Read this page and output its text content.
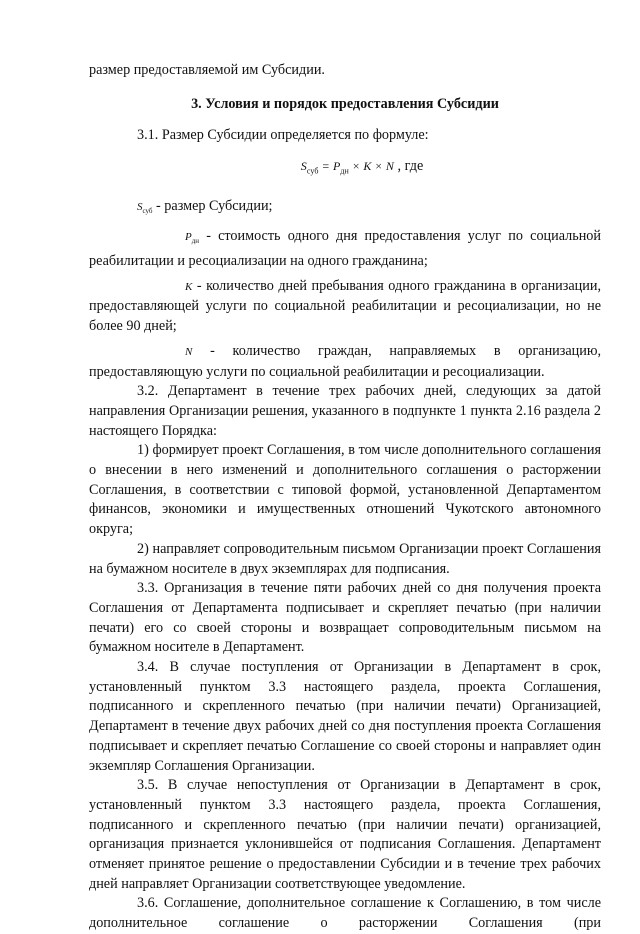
размер предоставляемой им Субсидии.

3. Условия и порядок предоставления Субсидии

3.1. Размер Субсидии определяется по формуле:

$S_{суб} = P_{дн} \times K \times N$ , где

$S_{суб}$ - размер Субсидии;

$P_{дн}$ - стоимость одного дня предоставления услуг по социальной реабилитации и ресоциализации на одного гражданина;

K - количество дней пребывания одного гражданина в организации, предоставляющей услуги по социальной реабилитации и ресоциализации, но не более 90 дней;

N - количество граждан, направляемых в организацию, предоставляющую услуги по социальной реабилитации и ресоциализации.

3.2. Департамент в течение трех рабочих дней, следующих за датой направления Организации решения, указанного в подпункте 1 пункта 2.16 раздела 2 настоящего Порядка:

1) формирует проект Соглашения, в том числе дополнительного соглашения о внесении в него изменений и дополнительного соглашения о расторжении Соглашения, в соответствии с типовой формой, установленной Департаментом финансов, экономики и имущественных отношений Чукотского автономного округа;

2) направляет сопроводительным письмом Организации проект Соглашения на бумажном носителе в двух экземплярах для подписания.

3.3. Организация в течение пяти рабочих дней со дня получения проекта Соглашения от Департамента подписывает и скрепляет печатью (при наличии печати) его со своей стороны и возвращает сопроводительным письмом на бумажном носителе в Департамент.

3.4. В случае поступления от Организации в Департамент в срок, установленный пунктом 3.3 настоящего раздела, проекта Соглашения, подписанного и скрепленного печатью (при наличии печати) Организацией, Департамент в течение двух рабочих дней со дня поступления проекта Соглашения подписывает и скрепляет печатью Соглашение со своей стороны и направляет один экземпляр Соглашения Организации.

3.5. В случае непоступления от Организации в Департамент в срок, установленный пунктом 3.3 настоящего раздела, проекта Соглашения, подписанного и скрепленного печатью (при наличии печати) организацией, организация признается уклонившейся от подписания Соглашения. Департамент отменяет принятое решение о предоставлении Субсидии и в течение трех рабочих дней направляет Организации соответствующее уведомление.

3.6. Соглашение, дополнительное соглашение к Соглашению, в том числе дополнительное соглашение о расторжении Соглашения (при
